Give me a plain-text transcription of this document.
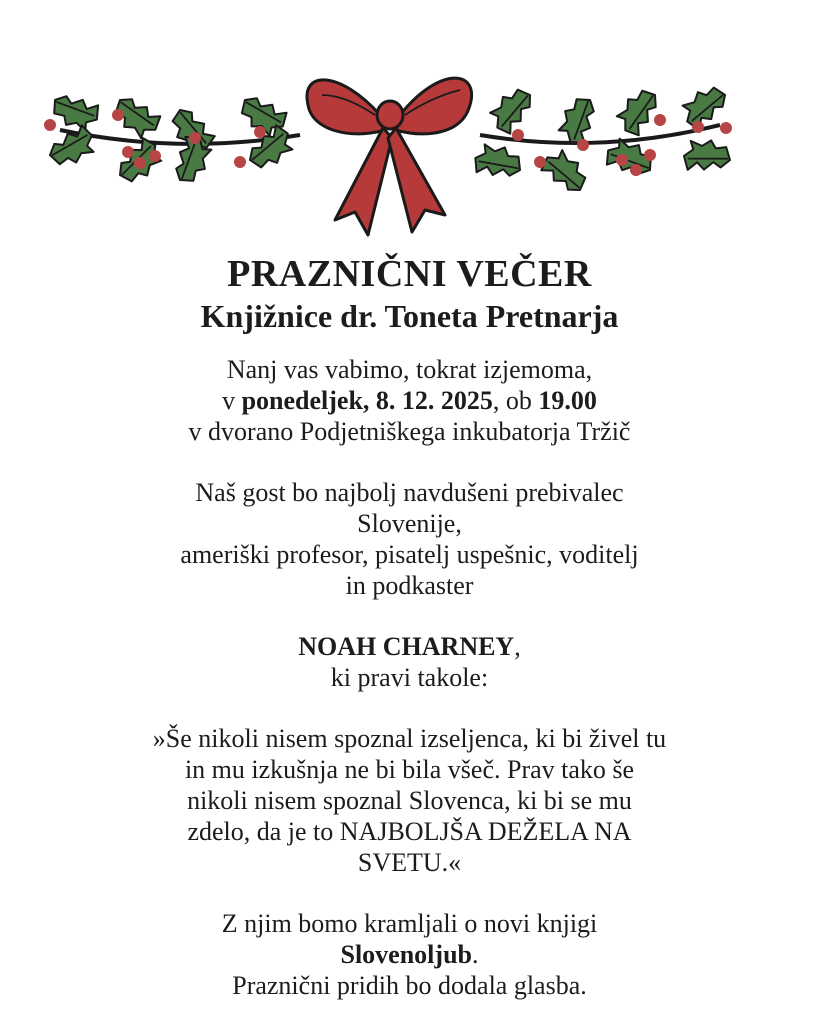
PRAZNIČNI VEČER
Knjižnice dr. Toneta Pretnarja
Nanj vas vabimo, tokrat izjemoma,
v ponedeljek, 8. 12. 2025, ob 19.00
v dvorano Podjetniškega inkubatorja Tržič
Naš gost bo najbolj navdušeni prebivalec
Slovenije,
ameriški profesor, pisatelj uspešnic, voditelj
in podkaster
NOAH CHARNEY,
ki pravi takole:
»Še nikoli nisem spoznal izseljenca, ki bi živel tu
in mu izkušnja ne bi bila všeč. Prav tako še
nikoli nisem spoznal Slovenca, ki bi se mu
zdelo, da je to NAJBOLJŠA DEŽELA NA
SVETU.«
Z njim bomo kramljali o novi knjigi
Slovenoljub.
Praznični pridih bo dodala glasba.
